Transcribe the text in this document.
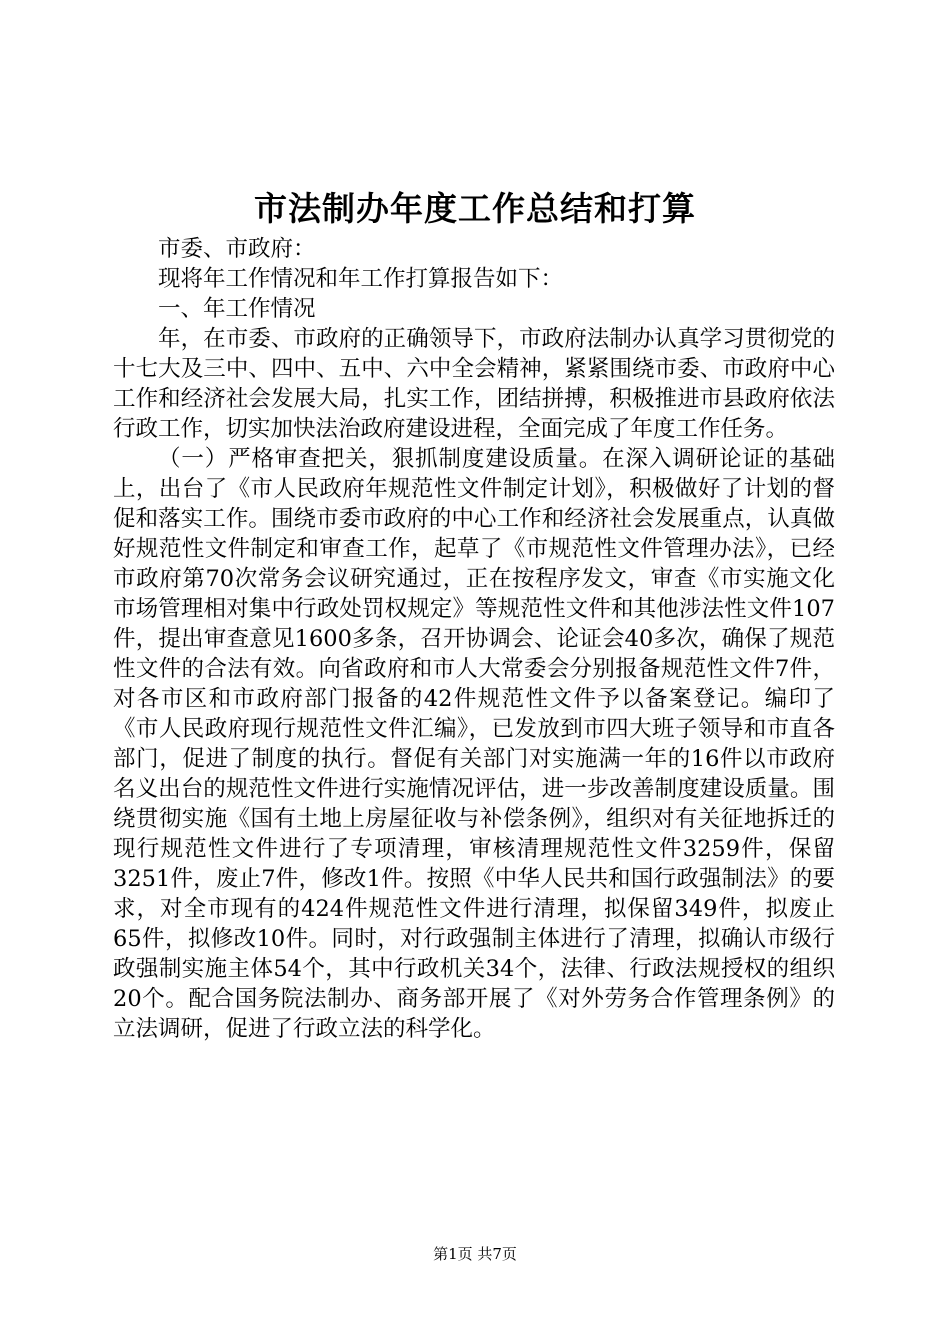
市法制办年度工作总结和打算

市委、市政府：

现将年工作情况和年工作打算报告如下：

一、年工作情况

年，在市委、市政府的正确领导下，市政府法制办认真学习贯彻党的十七大及三中、四中、五中、六中全会精神，紧紧围绕市委、市政府中心工作和经济社会发展大局，扎实工作，团结拼搏，积极推进市县政府依法行政工作，切实加快法治政府建设进程，全面完成了年度工作任务。

（一）严格审查把关，狠抓制度建设质量。在深入调研论证的基础上，出台了《市人民政府年规范性文件制定计划》，积极做好了计划的督促和落实工作。围绕市委市政府的中心工作和经济社会发展重点，认真做好规范性文件制定和审查工作，起草了《市规范性文件管理办法》，已经市政府第70次常务会议研究通过，正在按程序发文，审查《市实施文化市场管理相对集中行政处罚权规定》等规范性文件和其他涉法性文件107件，提出审查意见1600多条，召开协调会、论证会40多次，确保了规范性文件的合法有效。向省政府和市人大常委会分别报备规范性文件7件，对各市区和市政府部门报备的42件规范性文件予以备案登记。编印了《市人民政府现行规范性文件汇编》，已发放到市四大班子领导和市直各部门，促进了制度的执行。督促有关部门对实施满一年的16件以市政府名义出台的规范性文件进行实施情况评估，进一步改善制度建设质量。围绕贯彻实施《国有土地上房屋征收与补偿条例》，组织对有关征地拆迁的现行规范性文件进行了专项清理，审核清理规范性文件3259件，保留3251件，废止7件，修改1件。按照《中华人民共和国行政强制法》的要求，对全市现有的424件规范性文件进行清理，拟保留349件，拟废止65件，拟修改10件。同时，对行政强制主体进行了清理，拟确认市级行政强制实施主体54个，其中行政机关34个，法律、行政法规授权的组织20个。配合国务院法制办、商务部开展了《对外劳务合作管理条例》的立法调研，促进了行政立法的科学化。

第1页 共7页
